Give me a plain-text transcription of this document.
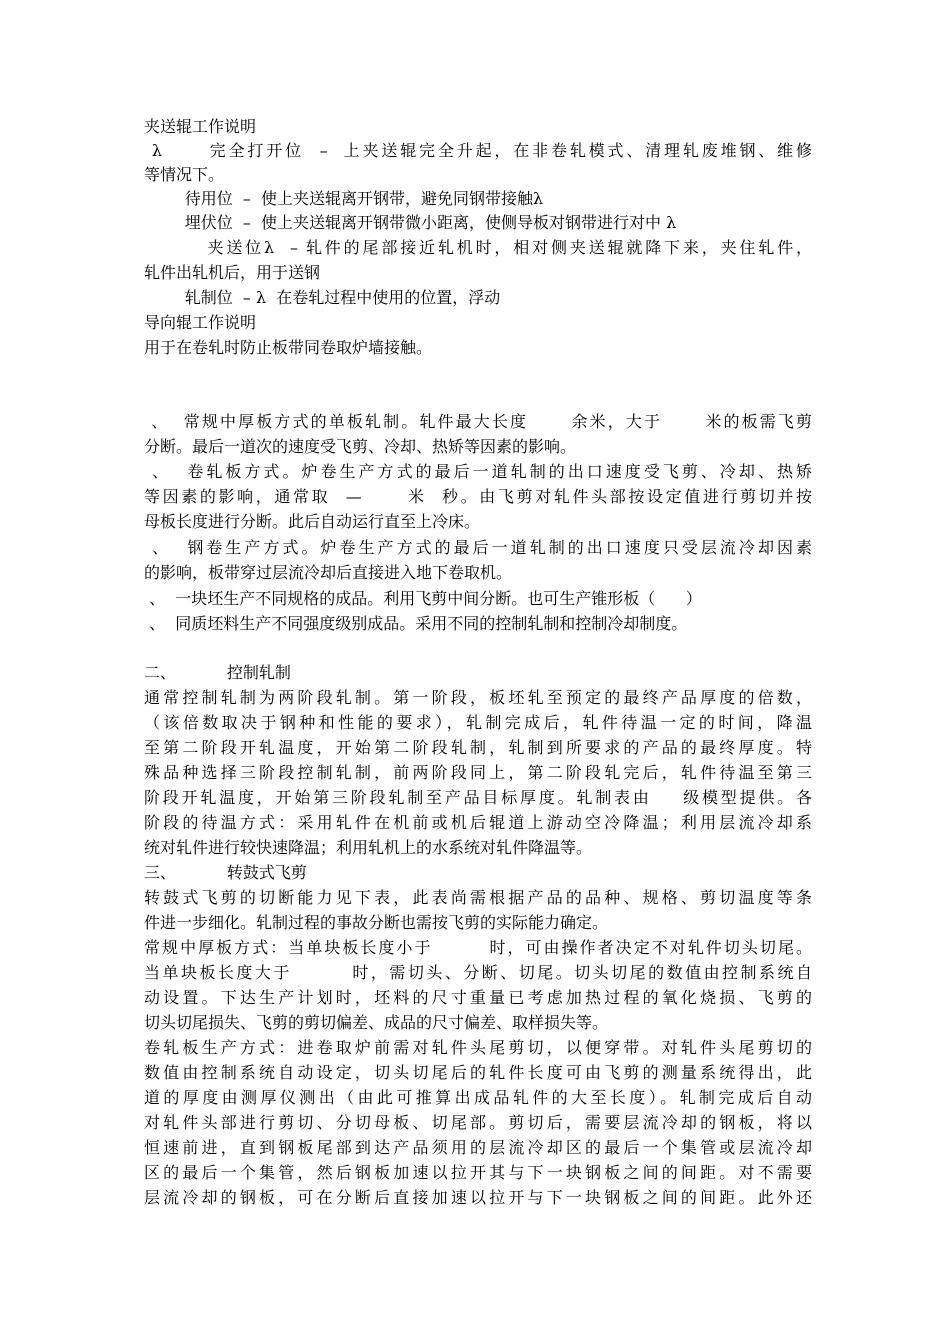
夹送辊工作说明
λ      完全打开位  –  上夹送辊完全升起，在非卷轧模式、清理轧废堆钢、维修
等情况下。
待用位  –  使上夹送辊离开钢带，避免同钢带接触λ
埋伏位  –  使上夹送辊离开钢带微小距离，使侧导板对钢带进行对中 λ
夹送位λ  – 轧件的尾部接近轧机时，相对侧夹送辊就降下来，夹住轧件，
轧件出轧机后，用于送钢
轧制位  – λ  在卷轧过程中使用的位置，浮动
导向辊工作说明
用于在卷轧时防止板带同卷取炉墙接触。
、  常规中厚板方式的单板轧制。轧件最大长度      余米，大于      米的板需飞剪
分断。最后一道次的速度受飞剪、冷却、热矫等因素的影响。
、  卷轧板方式。炉卷生产方式的最后一道轧制的出口速度受飞剪、冷却、热矫
等因素的影响，通常取  —      米  秒。由飞剪对轧件头部按设定值进行剪切并按
母板长度进行分断。此后自动运行直至上冷床。
、  钢卷生产方式。炉卷生产方式的最后一道轧制的出口速度只受层流冷却因素
的影响，板带穿过层流冷却后直接进入地下卷取机。
、  一块坯生产不同规格的成品。利用飞剪中间分断。也可生产锥形板（      ）
、  同质坯料生产不同强度级别成品。采用不同的控制轧制和控制冷却制度。
二、          控制轧制
通常控制轧制为两阶段轧制。第一阶段，板坯轧至预定的最终产品厚度的倍数，
（该倍数取决于钢种和性能的要求），轧制完成后，轧件待温一定的时间，降温
至第二阶段开轧温度，开始第二阶段轧制，轧制到所要求的产品的最终厚度。特
殊品种选择三阶段控制轧制，前两阶段同上，第二阶段轧完后，轧件待温至第三
阶段开轧温度，开始第三阶段轧制至产品目标厚度。轧制表由    级模型提供。各
阶段的待温方式：采用轧件在机前或机后辊道上游动空冷降温；利用层流冷却系
统对轧件进行较快速降温；利用轧机上的水系统对轧件降温等。
三、          转鼓式飞剪
转鼓式飞剪的切断能力见下表，此表尚需根据产品的品种、规格、剪切温度等条
件进一步细化。轧制过程的事故分断也需按飞剪的实际能力确定。
常规中厚板方式：当单块板长度小于        时，可由操作者决定不对轧件切头切尾。
当单块板长度大于        时，需切头、分断、切尾。切头切尾的数值由控制系统自
动设置。下达生产计划时，坯料的尺寸重量已考虑加热过程的氧化烧损、飞剪的
切头切尾损失、飞剪的剪切偏差、成品的尺寸偏差、取样损失等。
卷轧板生产方式：进卷取炉前需对轧件头尾剪切，以便穿带。对轧件头尾剪切的
数值由控制系统自动设定，切头切尾后的轧件长度可由飞剪的测量系统得出，此
道的厚度由测厚仪测出（由此可推算出成品轧件的大至长度）。轧制完成后自动
对轧件头部进行剪切、分切母板、切尾部。剪切后，需要层流冷却的钢板，将以
恒速前进，直到钢板尾部到达产品须用的层流冷却区的最后一个集管或层流冷却
区的最后一个集管，然后钢板加速以拉开其与下一块钢板之间的间距。对不需要
层流冷却的钢板，可在分断后直接加速以拉开与下一块钢板之间的间距。此外还
